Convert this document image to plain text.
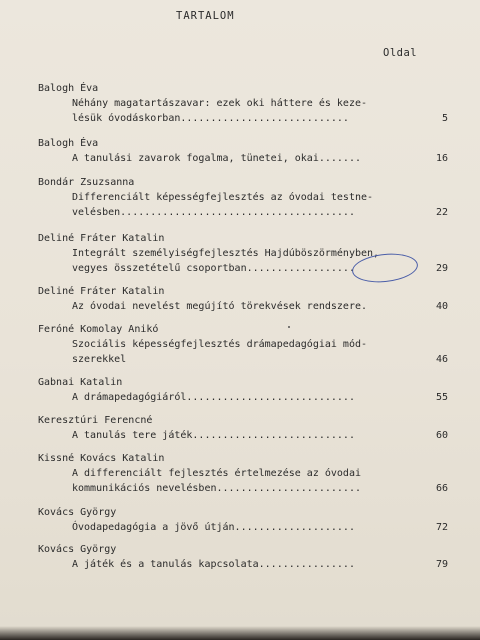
TARTALOM
Oldal
Balogh Éva
Néhány magatartászavar: ezek oki háttere és keze-
lésük óvodáskorban............................	5
Balogh Éva
A tanulási zavarok fogalma, tünetei, okai.......	16
Bondár Zsuzsanna
Differenciált képességfejlesztés az óvodai testne-
velésben.......................................	22
Deliné Fráter Katalin
Integrált személyiségfejlesztés Hajdúböszörményben,
vegyes összetételű csoportban..................	29
Deliné Fráter Katalin
Az óvodai nevelést megújító törekvések rendszere.	40
Feróné Komolay Anikó
Szociális képességfejlesztés drámapedagógiai mód-
szerekkel	46
Gabnai Katalin
A drámapedagógiáról............................	55
Keresztúri Ferencné
A tanulás tere játék...........................	60
Kissné Kovács Katalin
A differenciált fejlesztés értelmezése az óvodai
kommunikációs nevelésben........................	66
Kovács György
Óvodapedagógia a jövő útján....................	72
Kovács György
A játék és a tanulás kapcsolata................	79
